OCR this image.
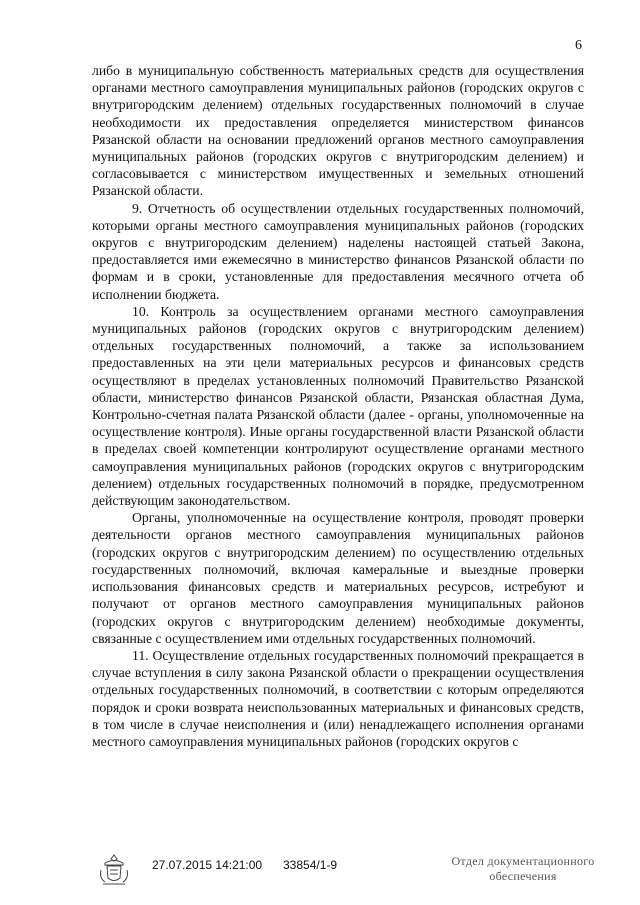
6

либо в муниципальную собственность материальных средств для осуществления органами местного самоуправления муниципальных районов (городских округов с внутригородским делением) отдельных государственных полномочий в случае необходимости их предоставления определяется министерством финансов Рязанской области на основании предложений органов местного самоуправления муниципальных районов (городских округов с внутригородским делением) и согласовывается с министерством имущественных и земельных отношений Рязанской области.

9. Отчетность об осуществлении отдельных государственных полномочий, которыми органы местного самоуправления муниципальных районов (городских округов с внутригородским делением) наделены настоящей статьей Закона, предоставляется ими ежемесячно в министерство финансов Рязанской области по формам и в сроки, установленные для предоставления месячного отчета об исполнении бюджета.

10. Контроль за осуществлением органами местного самоуправления муниципальных районов (городских округов с внутригородским делением) отдельных государственных полномочий, а также за использованием предоставленных на эти цели материальных ресурсов и финансовых средств осуществляют в пределах установленных полномочий Правительство Рязанской области, министерство финансов Рязанской области, Рязанская областная Дума, Контрольно-счетная палата Рязанской области (далее - органы, уполномоченные на осуществление контроля). Иные органы государственной власти Рязанской области в пределах своей компетенции контролируют осуществление органами местного самоуправления муниципальных районов (городских округов с внутригородским делением) отдельных государственных полномочий в порядке, предусмотренном действующим законодательством.

Органы, уполномоченные на осуществление контроля, проводят проверки деятельности органов местного самоуправления муниципальных районов (городских округов с внутригородским делением) по осуществлению отдельных государственных полномочий, включая камеральные и выездные проверки использования финансовых средств и материальных ресурсов, истребуют и получают от органов местного самоуправления муниципальных районов (городских округов с внутригородским делением) необходимые документы, связанные с осуществлением ими отдельных государственных полномочий.

11. Осуществление отдельных государственных полномочий прекращается в случае вступления в силу закона Рязанской области о прекращении осуществления отдельных государственных полномочий, в соответствии с которым определяются порядок и сроки возврата неиспользованных материальных и финансовых средств, в том числе в случае неисполнения и (или) ненадлежащего исполнения органами местного самоуправления муниципальных районов (городских округов с

27.07.2015 14:21:00 33854/1-9	Отдел документационного
обеспечения
